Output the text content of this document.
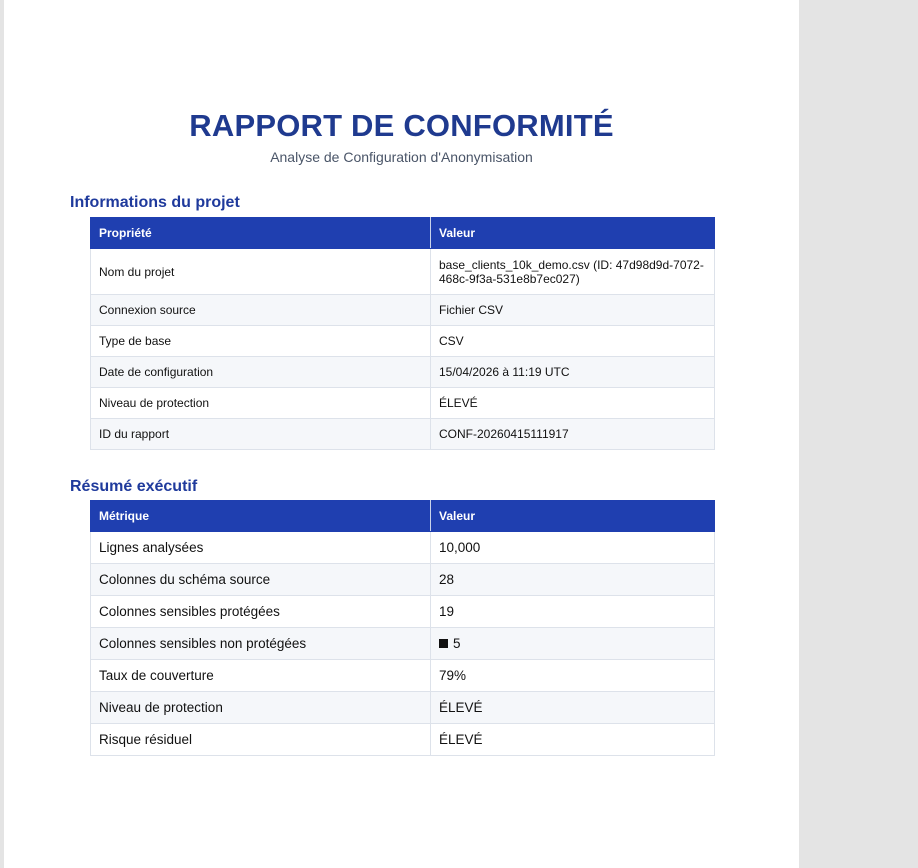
RAPPORT DE CONFORMITÉ

Analyse de Configuration d'Anonymisation

Informations du projet
Propriété	Valeur
Nom du projet	base_clients_10k_demo.csv (ID: 47d98d9d-7072-468c-9f3a-531e8b7ec027)
Connexion source	Fichier CSV
Type de base	CSV
Date de configuration	15/04/2026 à 11:19 UTC
Niveau de protection	ÉLEVÉ
ID du rapport	CONF-20260415111917
Résumé exécutif
Métrique	Valeur
Lignes analysées	10,000
Colonnes du schéma source	28
Colonnes sensibles protégées	19
Colonnes sensibles non protégées	5
Taux de couverture	79%
Niveau de protection	ÉLEVÉ
Risque résiduel	ÉLEVÉ
